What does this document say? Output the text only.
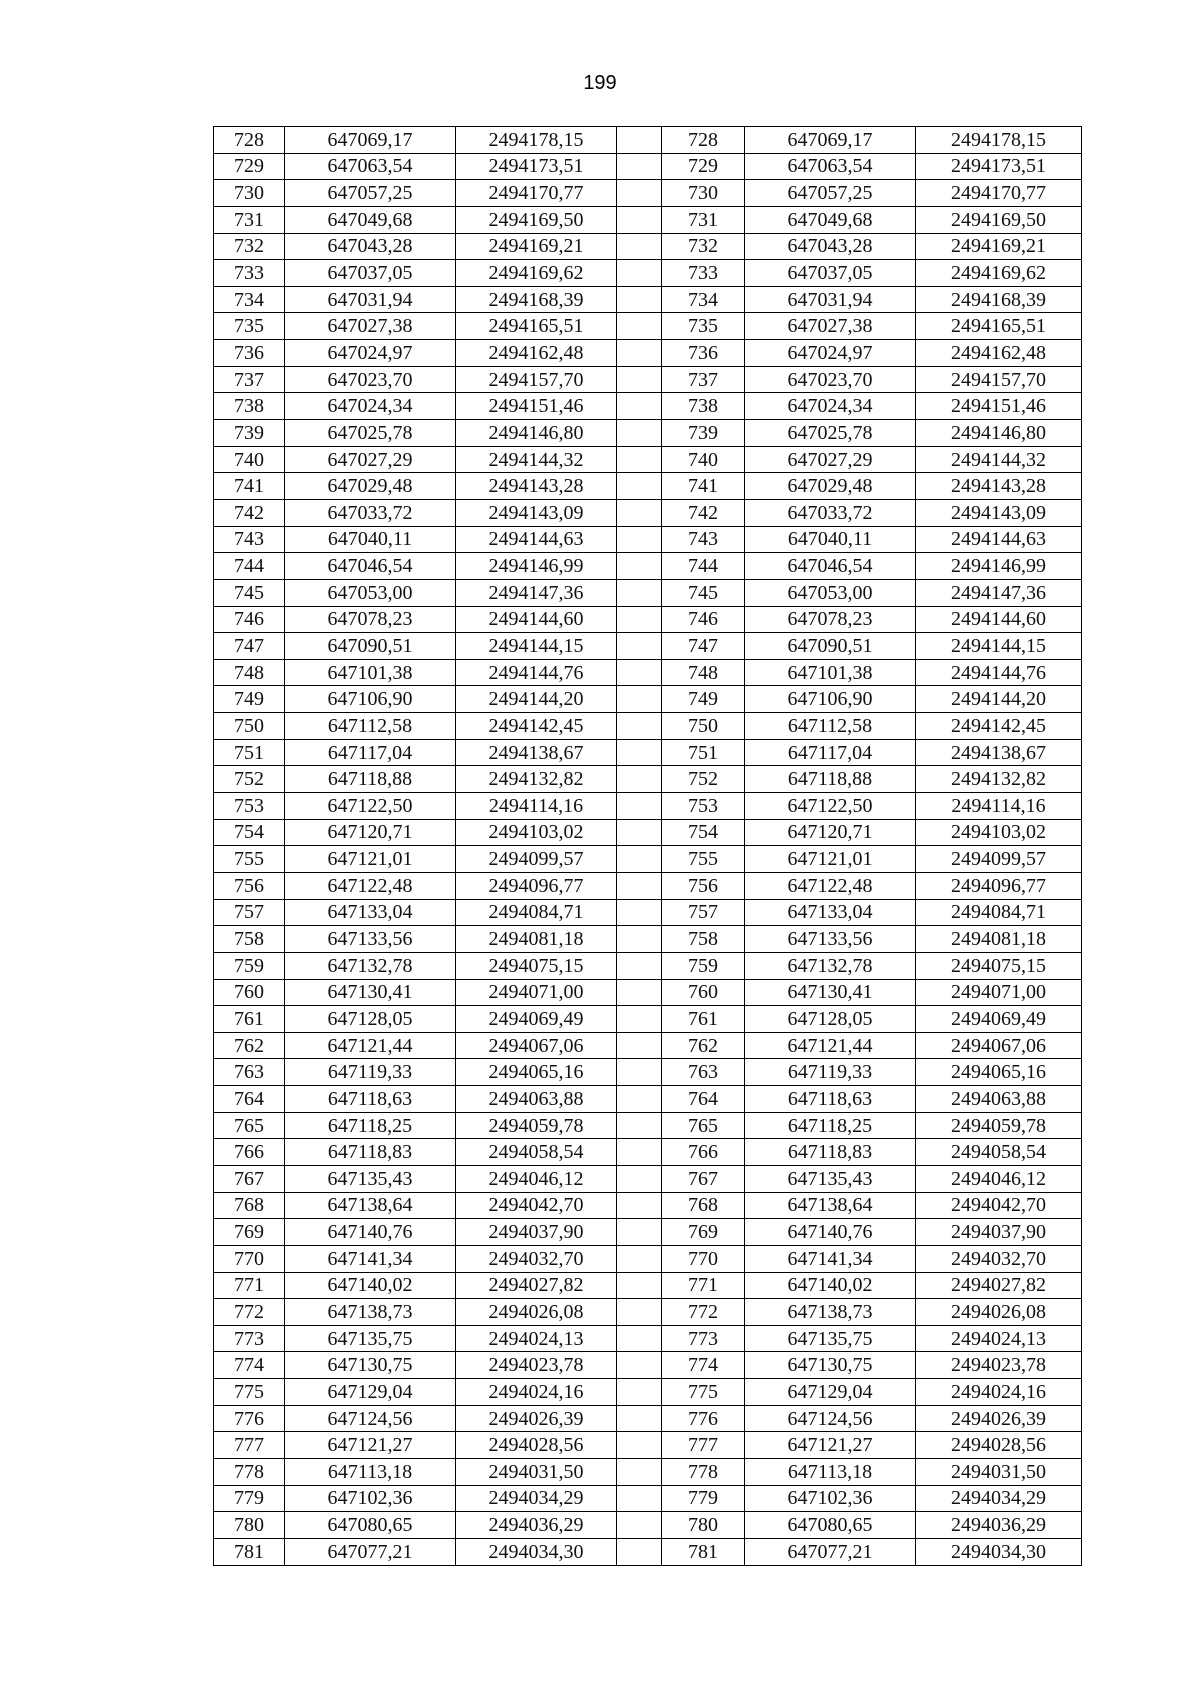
199
728	647069,17	2494178,15		728	647069,17	2494178,15
729	647063,54	2494173,51		729	647063,54	2494173,51
730	647057,25	2494170,77		730	647057,25	2494170,77
731	647049,68	2494169,50		731	647049,68	2494169,50
732	647043,28	2494169,21		732	647043,28	2494169,21
733	647037,05	2494169,62		733	647037,05	2494169,62
734	647031,94	2494168,39		734	647031,94	2494168,39
735	647027,38	2494165,51		735	647027,38	2494165,51
736	647024,97	2494162,48		736	647024,97	2494162,48
737	647023,70	2494157,70		737	647023,70	2494157,70
738	647024,34	2494151,46		738	647024,34	2494151,46
739	647025,78	2494146,80		739	647025,78	2494146,80
740	647027,29	2494144,32		740	647027,29	2494144,32
741	647029,48	2494143,28		741	647029,48	2494143,28
742	647033,72	2494143,09		742	647033,72	2494143,09
743	647040,11	2494144,63		743	647040,11	2494144,63
744	647046,54	2494146,99		744	647046,54	2494146,99
745	647053,00	2494147,36		745	647053,00	2494147,36
746	647078,23	2494144,60		746	647078,23	2494144,60
747	647090,51	2494144,15		747	647090,51	2494144,15
748	647101,38	2494144,76		748	647101,38	2494144,76
749	647106,90	2494144,20		749	647106,90	2494144,20
750	647112,58	2494142,45		750	647112,58	2494142,45
751	647117,04	2494138,67		751	647117,04	2494138,67
752	647118,88	2494132,82		752	647118,88	2494132,82
753	647122,50	2494114,16		753	647122,50	2494114,16
754	647120,71	2494103,02		754	647120,71	2494103,02
755	647121,01	2494099,57		755	647121,01	2494099,57
756	647122,48	2494096,77		756	647122,48	2494096,77
757	647133,04	2494084,71		757	647133,04	2494084,71
758	647133,56	2494081,18		758	647133,56	2494081,18
759	647132,78	2494075,15		759	647132,78	2494075,15
760	647130,41	2494071,00		760	647130,41	2494071,00
761	647128,05	2494069,49		761	647128,05	2494069,49
762	647121,44	2494067,06		762	647121,44	2494067,06
763	647119,33	2494065,16		763	647119,33	2494065,16
764	647118,63	2494063,88		764	647118,63	2494063,88
765	647118,25	2494059,78		765	647118,25	2494059,78
766	647118,83	2494058,54		766	647118,83	2494058,54
767	647135,43	2494046,12		767	647135,43	2494046,12
768	647138,64	2494042,70		768	647138,64	2494042,70
769	647140,76	2494037,90		769	647140,76	2494037,90
770	647141,34	2494032,70		770	647141,34	2494032,70
771	647140,02	2494027,82		771	647140,02	2494027,82
772	647138,73	2494026,08		772	647138,73	2494026,08
773	647135,75	2494024,13		773	647135,75	2494024,13
774	647130,75	2494023,78		774	647130,75	2494023,78
775	647129,04	2494024,16		775	647129,04	2494024,16
776	647124,56	2494026,39		776	647124,56	2494026,39
777	647121,27	2494028,56		777	647121,27	2494028,56
778	647113,18	2494031,50		778	647113,18	2494031,50
779	647102,36	2494034,29		779	647102,36	2494034,29
780	647080,65	2494036,29		780	647080,65	2494036,29
781	647077,21	2494034,30		781	647077,21	2494034,30
